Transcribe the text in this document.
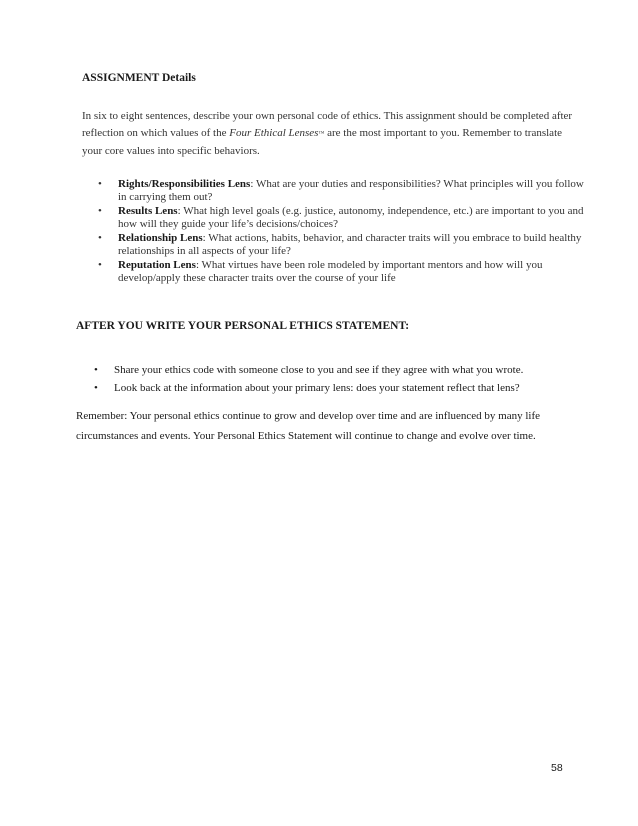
ASSIGNMENT Details
In six to eight sentences, describe your own personal code of ethics. This assignment should be completed after reflection on which values of the Four Ethical Lenses™ are the most important to you. Remember to translate your core values into specific behaviors.
• Rights/Responsibilities Lens: What are your duties and responsibilities? What principles will you follow in carrying them out?
• Results Lens: What high level goals (e.g. justice, autonomy, independence, etc.) are important to you and how will they guide your life’s decisions/choices?
• Relationship Lens: What actions, habits, behavior, and character traits will you embrace to build healthy relationships in all aspects of your life?
• Reputation Lens: What virtues have been role modeled by important mentors and how will you develop/apply these character traits over the course of your life
AFTER YOU WRITE YOUR PERSONAL ETHICS STATEMENT:
• Share your ethics code with someone close to you and see if they agree with what you wrote.
• Look back at the information about your primary lens: does your statement reflect that lens?
Remember: Your personal ethics continue to grow and develop over time and are influenced by many life circumstances and events. Your Personal Ethics Statement will continue to change and evolve over time.
58
